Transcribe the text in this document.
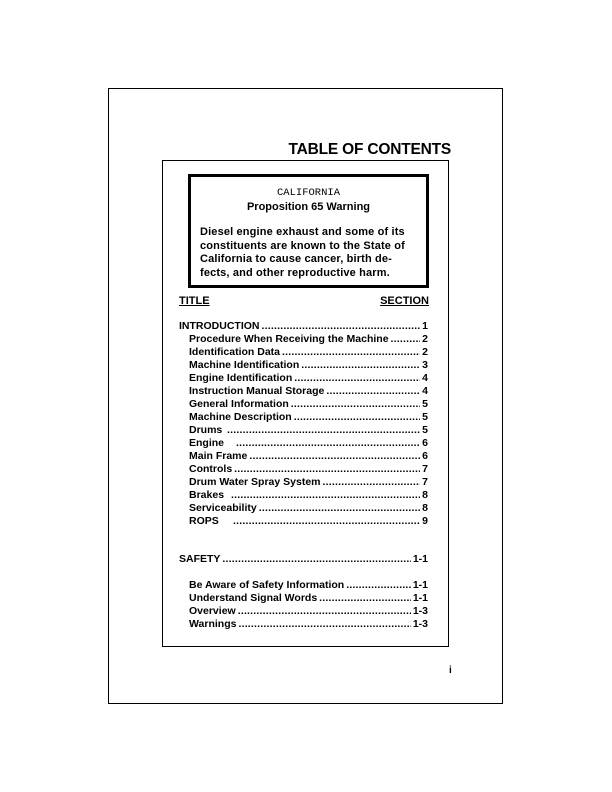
TABLE OF CONTENTS
CALIFORNIA
Proposition 65 Warning
Diesel engine exhaust and some of its
constituents are known to the State of
California to cause cancer, birth de-
fects, and other reproductive harm.
TITLE	SECTION
INTRODUCTION .....	1
Procedure When Receiving the Machine .....	2
Identification Data .....	2
Machine Identification .....	3
Engine Identification .....	4
Instruction Manual Storage .....	4
General Information .....	5
Machine Description .....	5
Drums .....	5
Engine .....	6
Main Frame .....	6
Controls .....	7
Drum Water Spray System .....	7
Brakes .....	8
Serviceability .....	8
ROPS .....	9
SAFETY .....	1-1
Be Aware of Safety Information .....	1-1
Understand Signal Words .....	1-1
Overview .....	1-3
Warnings .....	1-3
i
